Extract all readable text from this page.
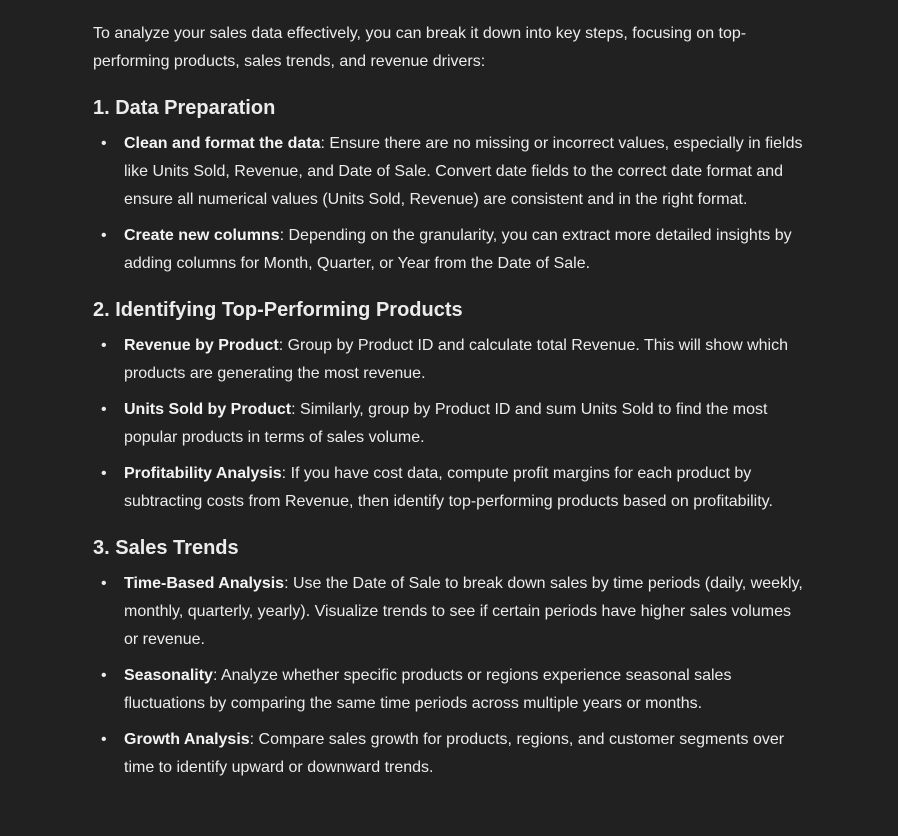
To analyze your sales data effectively, you can break it down into key steps, focusing on top-performing products, sales trends, and revenue drivers:

1. Data Preparation
• Clean and format the data: Ensure there are no missing or incorrect values, especially in fields like Units Sold, Revenue, and Date of Sale. Convert date fields to the correct date format and ensure all numerical values (Units Sold, Revenue) are consistent and in the right format.
• Create new columns: Depending on the granularity, you can extract more detailed insights by adding columns for Month, Quarter, or Year from the Date of Sale.
2. Identifying Top-Performing Products
• Revenue by Product: Group by Product ID and calculate total Revenue. This will show which products are generating the most revenue.
• Units Sold by Product: Similarly, group by Product ID and sum Units Sold to find the most popular products in terms of sales volume.
• Profitability Analysis: If you have cost data, compute profit margins for each product by subtracting costs from Revenue, then identify top-performing products based on profitability.
3. Sales Trends
• Time-Based Analysis: Use the Date of Sale to break down sales by time periods (daily, weekly, monthly, quarterly, yearly). Visualize trends to see if certain periods have higher sales volumes or revenue.
• Seasonality: Analyze whether specific products or regions experience seasonal sales fluctuations by comparing the same time periods across multiple years or months.
• Growth Analysis: Compare sales growth for products, regions, and customer segments over time to identify upward or downward trends.
